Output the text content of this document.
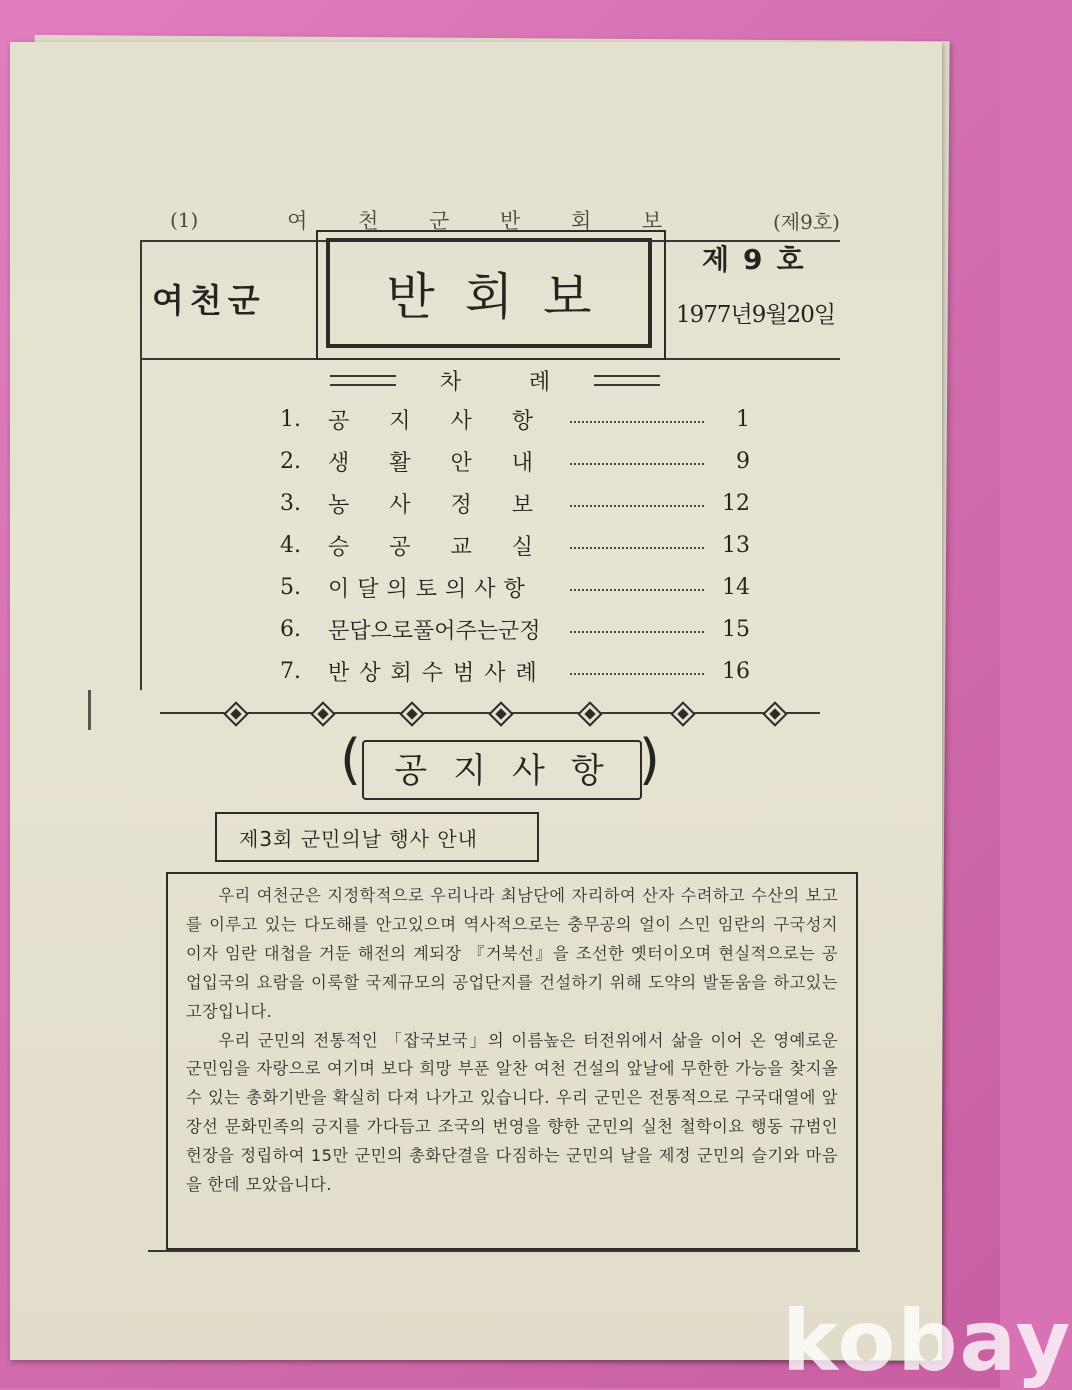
(1)	여 천 군 반 회 보	(제9호)
여천군	반회보
제9호
1977년9월20일
차	례
1.	공지사항	1
2.	생활안내	9
3.	농사정보	12
4.	승공교실	13
5.	이달의토의사항	14
6.	문답으로풀어주는군정	15
7.	반상회수범사례	16
( 공지사항 )
제3회 군민의날 행사 안내

우리 여천군은 지정학적으로 우리나라 최남단에 자리하여 산자 수려하고 수산의 보고를 이루고 있는 다도해를 안고있으며 역사적으로는 충무공의 얼이 스민 임란의 구국성지이자 임란 대첩을 거둔 해전의 계되장 『거북선』을 조선한 옛터이오며 현실적으로는 공업입국의 요람을 이룩할 국제규모의 공업단지를 건설하기 위해 도약의 발돋움을 하고있는 고장입니다.

우리 군민의 전통적인 「잡국보국」의 이름높은 터전위에서 삶을 이어 온 영예로운 군민임을 자랑으로 여기며 보다 희망 부푼 알찬 여천 건설의 앞날에 무한한 가능을 찾지올수 있는 총화기반을 확실히 다져 나가고 있습니다. 우리 군민은 전통적으로 구국대열에 앞장선 문화민족의 긍지를 가다듬고 조국의 번영을 향한 군민의 실천 철학이요 행동 규범인 헌장을 정립하여 15만 군민의 총화단결을 다짐하는 군민의 날을 제정 군민의 슬기와 마음을 한데 모았읍니다.

kobay
